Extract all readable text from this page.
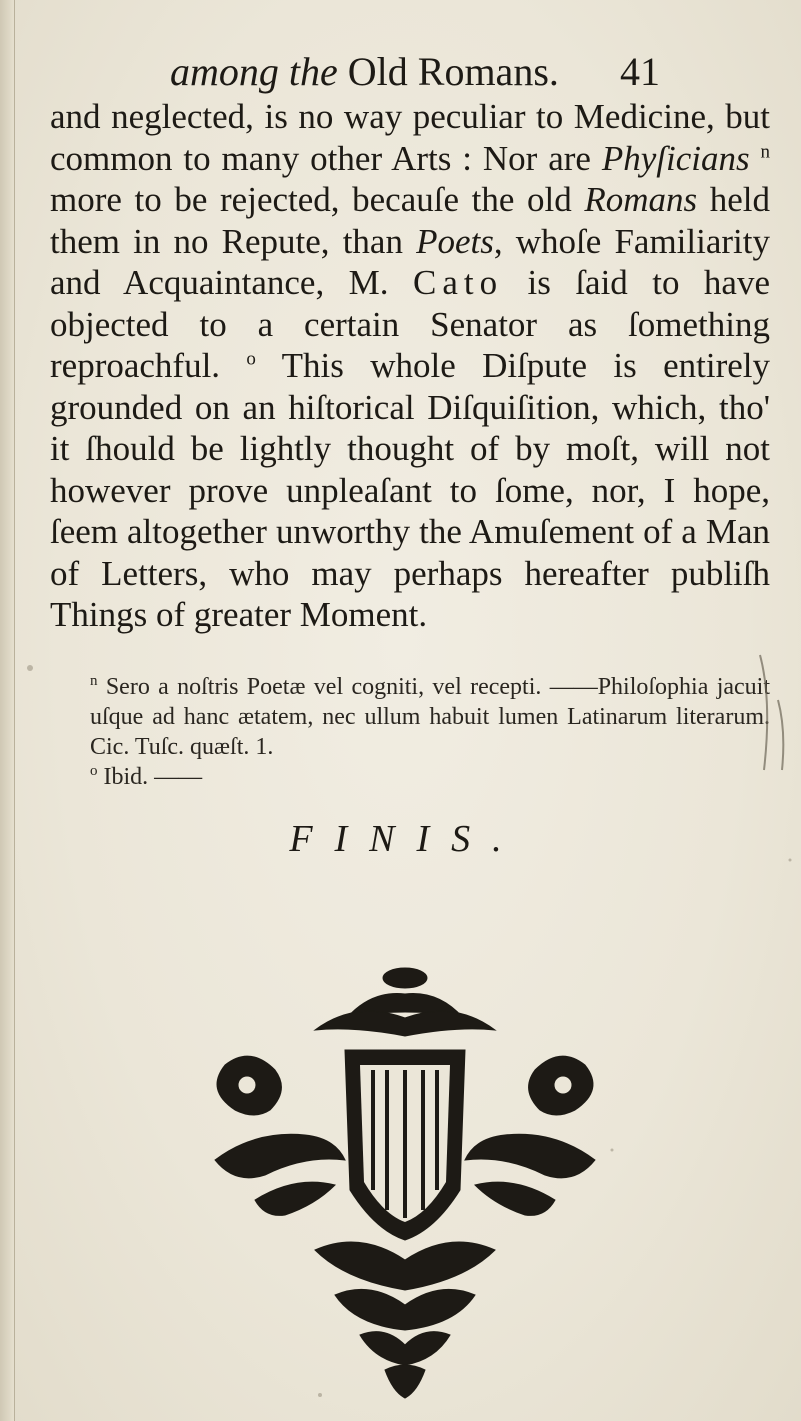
among the Old Romans. 41

and neglected, is no way peculiar to Medicine, but common to many other Arts : Nor are Phyſicians $^n$ more to be rejected, becauſe the old Romans held them in no Repute, than Poets, whoſe Familiarity and Acquaintance, M. Cato is ſaid to have objected to a certain Senator as ſomething reproachful. $^o$ This whole Diſpute is entirely grounded on an hiſtorical Diſquiſition, which, tho' it ſhould be lightly thought of by moſt, will not however prove unpleaſant to ſome, nor, I hope, ſeem altogether unworthy the Amuſement of a Man of Letters, who may perhaps hereafter publiſh Things of greater Moment.

$^n$ Sero a noſtris Poetæ vel cogniti, vel recepti. ——Philoſophia jacuit uſque ad hanc ætatem, nec ullum habuit lumen Latinarum literarum. Cic. Tuſc. quæſt. 1.

$^o$ Ibid. ——

FINIS.
